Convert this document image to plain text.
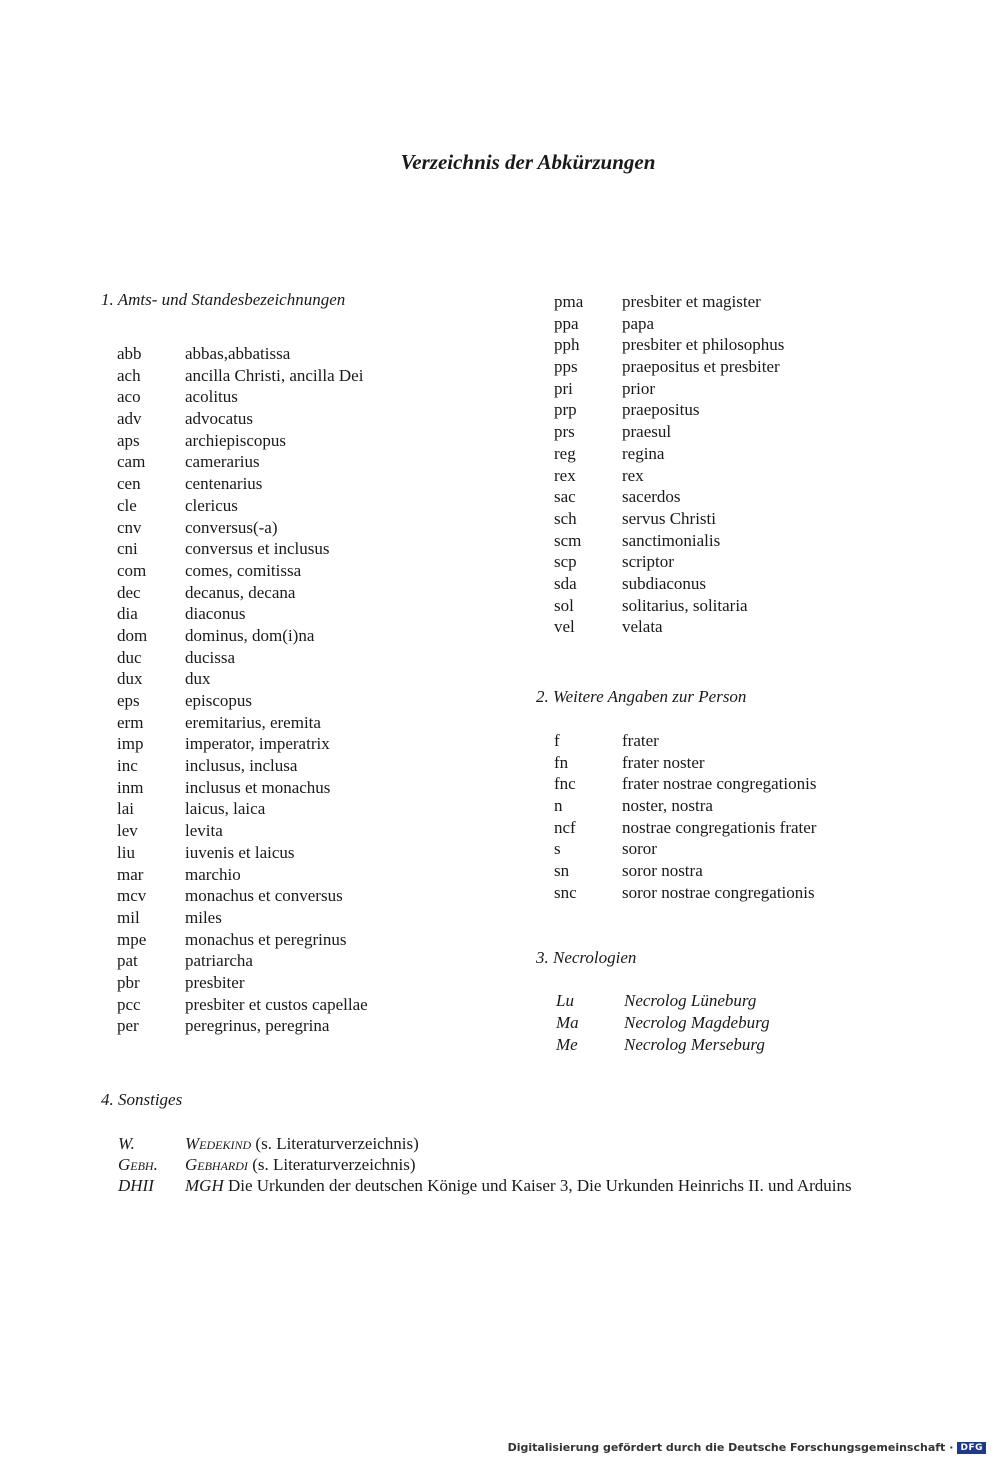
Verzeichnis der Abkürzungen
1. Amts- und Standesbezeichnungen
abb	abbas,abbatissa
ach	ancilla Christi, ancilla Dei
aco	acolitus
adv	advocatus
aps	archiepiscopus
cam	camerarius
cen	centenarius
cle	clericus
cnv	conversus(-a)
cni	conversus et inclusus
com	comes, comitissa
dec	decanus, decana
dia	diaconus
dom	dominus, dom(i)na
duc	ducissa
dux	dux
eps	episcopus
erm	eremitarius, eremita
imp	imperator, imperatrix
inc	inclusus, inclusa
inm	inclusus et monachus
lai	laicus, laica
lev	levita
liu	iuvenis et laicus
mar	marchio
mcv	monachus et conversus
mil	miles
mpe	monachus et peregrinus
pat	patriarcha
pbr	presbiter
pcc	presbiter et custos capellae
per	peregrinus, peregrina
pma	presbiter et magister
ppa	papa
pph	presbiter et philosophus
pps	praepositus et presbiter
pri	prior
prp	praepositus
prs	praesul
reg	regina
rex	rex
sac	sacerdos
sch	servus Christi
scm	sanctimonialis
scp	scriptor
sda	subdiaconus
sol	solitarius, solitaria
vel	velata
2. Weitere Angaben zur Person
f	frater
fn	frater noster
fnc	frater nostrae congregationis
n	noster, nostra
ncf	nostrae congregationis frater
s	soror
sn	soror nostra
snc	soror nostrae congregationis
3. Necrologien
Lu	Necrolog Lüneburg
Ma	Necrolog Magdeburg
Me	Necrolog Merseburg
4. Sonstiges
W.	Wedekind (s. Literaturverzeichnis)
Gebh.	Gebhardi (s. Literaturverzeichnis)
DHII	MGH Die Urkunden der deutschen Könige und Kaiser 3, Die Urkunden Heinrichs II. und Arduins
Digitalisierung gefördert durch die Deutsche Forschungsgemeinschaft · DFG
